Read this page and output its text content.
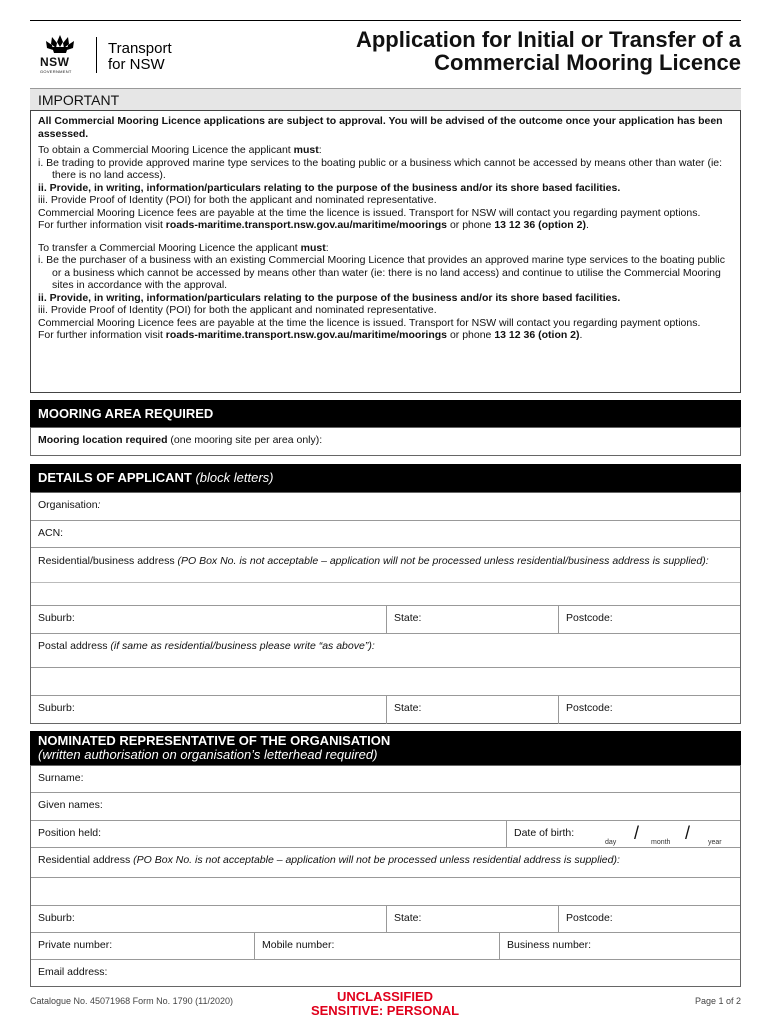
NSW
GOVERNMENT
Transport
for NSW
Application for Initial or Transfer of a
Commercial Mooring Licence
IMPORTANT

All Commercial Mooring Licence applications are subject to approval. You will be advised of the outcome once your application has been assessed.

To obtain a Commercial Mooring Licence the applicant must:

i. Be trading to provide approved marine type services to the boating public or a business which cannot be accessed by means other than water (ie: there is no land access).

ii. Provide, in writing, information/particulars relating to the purpose of the business and/or its shore based facilities.

iii. Provide Proof of Identity (POI) for both the applicant and nominated representative.

Commercial Mooring Licence fees are payable at the time the licence is issued. Transport for NSW will contact you regarding payment options.

For further information visit roads-maritime.transport.nsw.gov.au/maritime/moorings or phone 13 12 36 (option 2).

To transfer a Commercial Mooring Licence the applicant must:

i. Be the purchaser of a business with an existing Commercial Mooring Licence that provides an approved marine type services to the boating public or a business which cannot be accessed by means other than water (ie: there is no land access) and continue to utilise the Commercial Mooring sites in accordance with the approval.

ii. Provide, in writing, information/particulars relating to the purpose of the business and/or its shore based facilities.

iii. Provide Proof of Identity (POI) for both the applicant and nominated representative.

Commercial Mooring Licence fees are payable at the time the licence is issued. Transport for NSW will contact you regarding payment options.

For further information visit roads-maritime.transport.nsw.gov.au/maritime/moorings or phone 13 12 36 (otion 2).

MOORING AREA REQUIRED
Mooring location required (one mooring site per area only):
DETAILS OF APPLICANT (block letters)
Organisation:
ACN:
Residential/business address (PO Box No. is not acceptable – application will not be processed unless residential/business address is supplied):
Suburb:	State:	Postcode:
Postal address (if same as residential/business please write “as above”):
Suburb:	State:	Postcode:
NOMINATED REPRESENTATIVE OF THE ORGANISATION
(written authorisation on organisation’s letterhead required)
Surname:
Given names:
Position held:	Date of birth:	/	/
day	month	year
Residential address (PO Box No. is not acceptable – application will not be processed unless residential address is supplied):
Suburb:	State:	Postcode:
Private number:	Mobile number:	Business number:
Email address:
Catalogue No. 45071968 Form No. 1790 (11/2020)	UNCLASSIFIED
SENSITIVE: PERSONAL
Page 1 of 2
